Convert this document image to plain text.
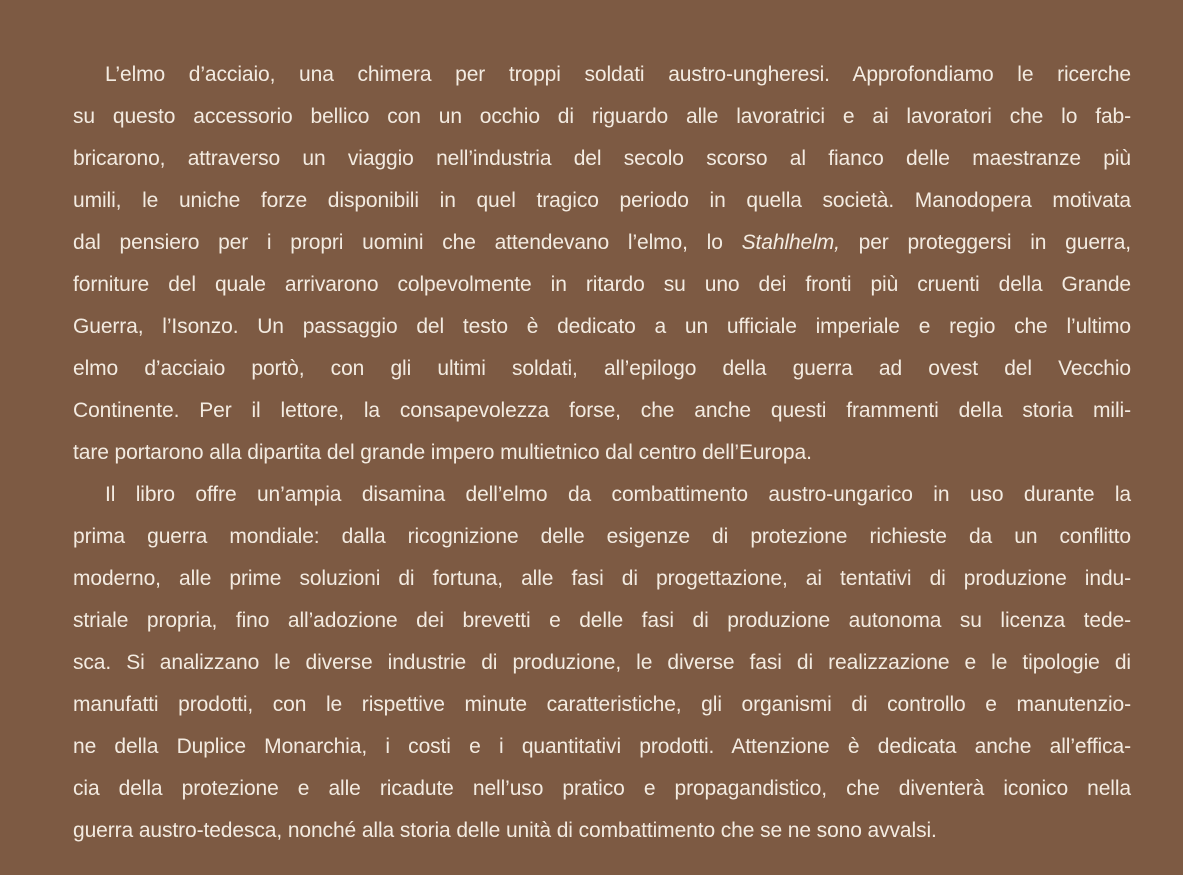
L’elmo d’acciaio, una chimera per troppi soldati austro-ungheresi. Approfondiamo le ricerche
su questo accessorio bellico con un occhio di riguardo alle lavoratrici e ai lavoratori che lo fab-
bricarono, attraverso un viaggio nell’industria del secolo scorso al fianco delle maestranze più
umili, le uniche forze disponibili in quel tragico periodo in quella società. Manodopera motivata
dal pensiero per i propri uomini che attendevano l’elmo, lo Stahlhelm, per proteggersi in guerra,
forniture del quale arrivarono colpevolmente in ritardo su uno dei fronti più cruenti della Grande
Guerra, l’Isonzo. Un passaggio del testo è dedicato a un ufficiale imperiale e regio che l’ultimo
elmo d’acciaio portò, con gli ultimi soldati, all’epilogo della guerra ad ovest del Vecchio
Continente. Per il lettore, la consapevolezza forse, che anche questi frammenti della storia mili-
tare portarono alla dipartita del grande impero multietnico dal centro dell’Europa.
Il libro offre un’ampia disamina dell’elmo da combattimento austro-ungarico in uso durante la
prima guerra mondiale: dalla ricognizione delle esigenze di protezione richieste da un conflitto
moderno, alle prime soluzioni di fortuna, alle fasi di progettazione, ai tentativi di produzione indu-
striale propria, fino all’adozione dei brevetti e delle fasi di produzione autonoma su licenza tede-
sca. Si analizzano le diverse industrie di produzione, le diverse fasi di realizzazione e le tipologie di
manufatti prodotti, con le rispettive minute caratteristiche, gli organismi di controllo e manutenzio-
ne della Duplice Monarchia, i costi e i quantitativi prodotti. Attenzione è dedicata anche all’effica-
cia della protezione e alle ricadute nell’uso pratico e propagandistico, che diventerà iconico nella
guerra austro-tedesca, nonché alla storia delle unità di combattimento che se ne sono avvalsi.
